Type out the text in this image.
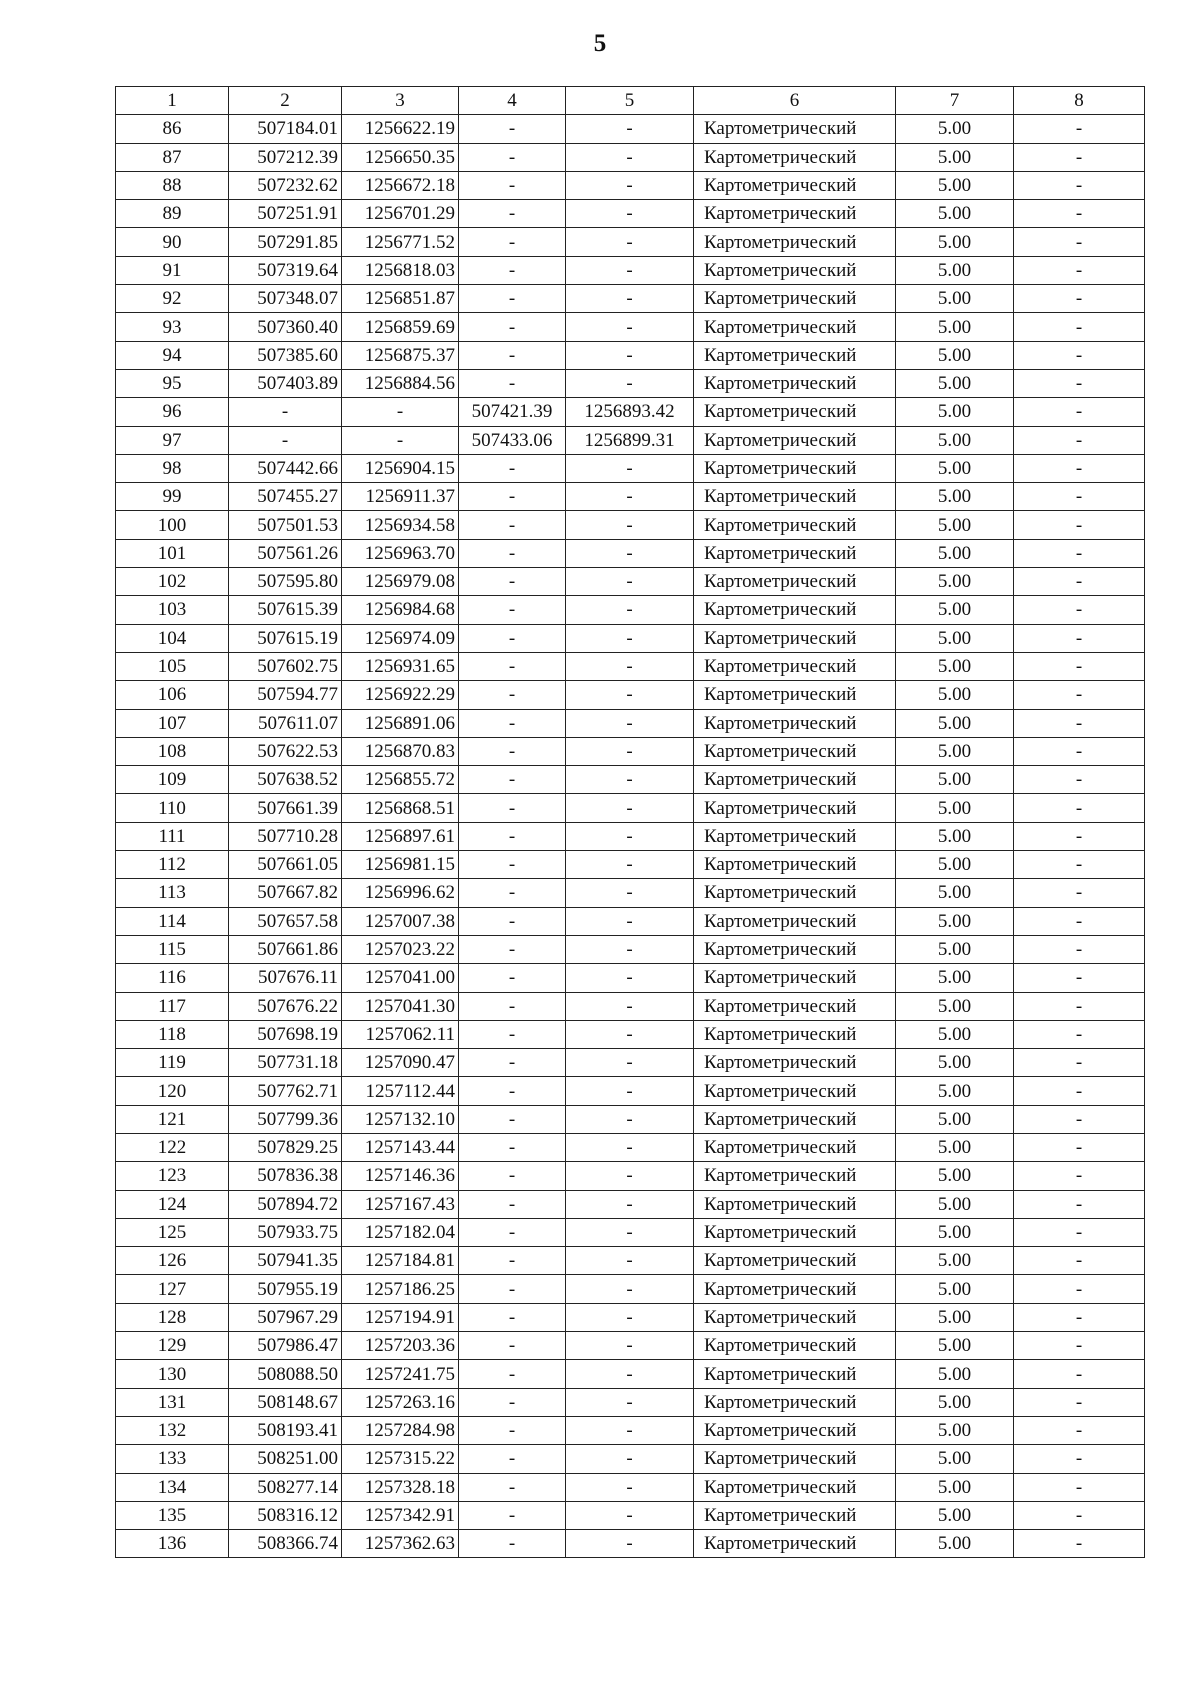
5
1	2	3	4	5	6	7	8
86	507184.01	1256622.19	-	-	Картометрический	5.00	-
87	507212.39	1256650.35	-	-	Картометрический	5.00	-
88	507232.62	1256672.18	-	-	Картометрический	5.00	-
89	507251.91	1256701.29	-	-	Картометрический	5.00	-
90	507291.85	1256771.52	-	-	Картометрический	5.00	-
91	507319.64	1256818.03	-	-	Картометрический	5.00	-
92	507348.07	1256851.87	-	-	Картометрический	5.00	-
93	507360.40	1256859.69	-	-	Картометрический	5.00	-
94	507385.60	1256875.37	-	-	Картометрический	5.00	-
95	507403.89	1256884.56	-	-	Картометрический	5.00	-
96	-	-	507421.39	1256893.42	Картометрический	5.00	-
97	-	-	507433.06	1256899.31	Картометрический	5.00	-
98	507442.66	1256904.15	-	-	Картометрический	5.00	-
99	507455.27	1256911.37	-	-	Картометрический	5.00	-
100	507501.53	1256934.58	-	-	Картометрический	5.00	-
101	507561.26	1256963.70	-	-	Картометрический	5.00	-
102	507595.80	1256979.08	-	-	Картометрический	5.00	-
103	507615.39	1256984.68	-	-	Картометрический	5.00	-
104	507615.19	1256974.09	-	-	Картометрический	5.00	-
105	507602.75	1256931.65	-	-	Картометрический	5.00	-
106	507594.77	1256922.29	-	-	Картометрический	5.00	-
107	507611.07	1256891.06	-	-	Картометрический	5.00	-
108	507622.53	1256870.83	-	-	Картометрический	5.00	-
109	507638.52	1256855.72	-	-	Картометрический	5.00	-
110	507661.39	1256868.51	-	-	Картометрический	5.00	-
111	507710.28	1256897.61	-	-	Картометрический	5.00	-
112	507661.05	1256981.15	-	-	Картометрический	5.00	-
113	507667.82	1256996.62	-	-	Картометрический	5.00	-
114	507657.58	1257007.38	-	-	Картометрический	5.00	-
115	507661.86	1257023.22	-	-	Картометрический	5.00	-
116	507676.11	1257041.00	-	-	Картометрический	5.00	-
117	507676.22	1257041.30	-	-	Картометрический	5.00	-
118	507698.19	1257062.11	-	-	Картометрический	5.00	-
119	507731.18	1257090.47	-	-	Картометрический	5.00	-
120	507762.71	1257112.44	-	-	Картометрический	5.00	-
121	507799.36	1257132.10	-	-	Картометрический	5.00	-
122	507829.25	1257143.44	-	-	Картометрический	5.00	-
123	507836.38	1257146.36	-	-	Картометрический	5.00	-
124	507894.72	1257167.43	-	-	Картометрический	5.00	-
125	507933.75	1257182.04	-	-	Картометрический	5.00	-
126	507941.35	1257184.81	-	-	Картометрический	5.00	-
127	507955.19	1257186.25	-	-	Картометрический	5.00	-
128	507967.29	1257194.91	-	-	Картометрический	5.00	-
129	507986.47	1257203.36	-	-	Картометрический	5.00	-
130	508088.50	1257241.75	-	-	Картометрический	5.00	-
131	508148.67	1257263.16	-	-	Картометрический	5.00	-
132	508193.41	1257284.98	-	-	Картометрический	5.00	-
133	508251.00	1257315.22	-	-	Картометрический	5.00	-
134	508277.14	1257328.18	-	-	Картометрический	5.00	-
135	508316.12	1257342.91	-	-	Картометрический	5.00	-
136	508366.74	1257362.63	-	-	Картометрический	5.00	-
